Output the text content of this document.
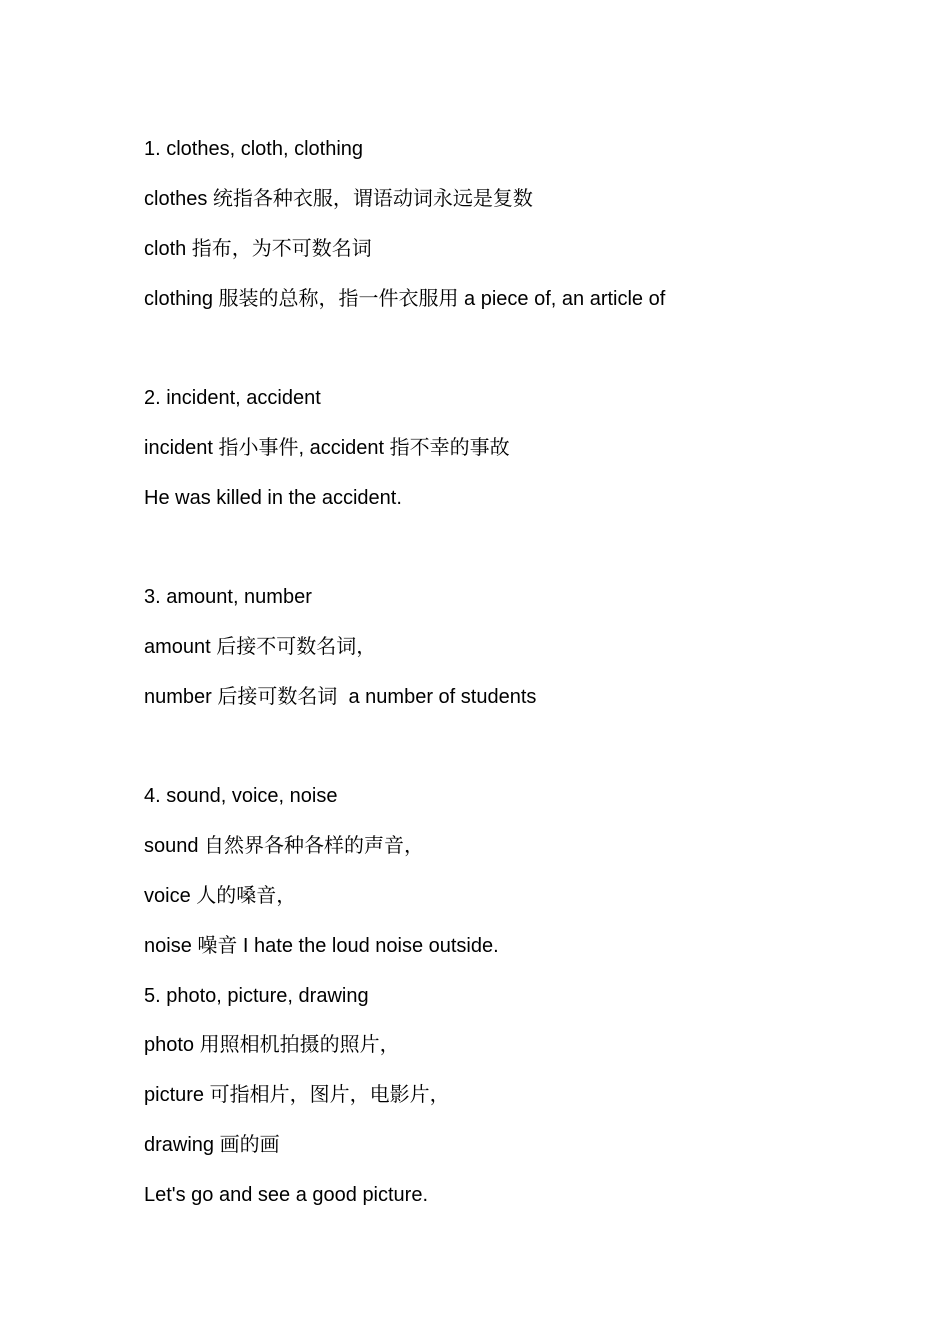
1. clothes, cloth, clothing
clothes 统指各种衣服，谓语动词永远是复数
cloth 指布，为不可数名词
clothing 服装的总称，指一件衣服用 a piece of, an article of
2. incident, accident
incident 指小事件, accident 指不幸的事故
He was killed in the accident.
3. amount, number
amount 后接不可数名词，
number 后接可数名词  a number of students
4. sound, voice, noise
sound 自然界各种各样的声音，
voice 人的嗓音，
noise 噪音 I hate the loud noise outside.
5. photo, picture, drawing
photo 用照相机拍摄的照片，
picture 可指相片，图片，电影片，
drawing 画的画
Let's go and see a good picture.
